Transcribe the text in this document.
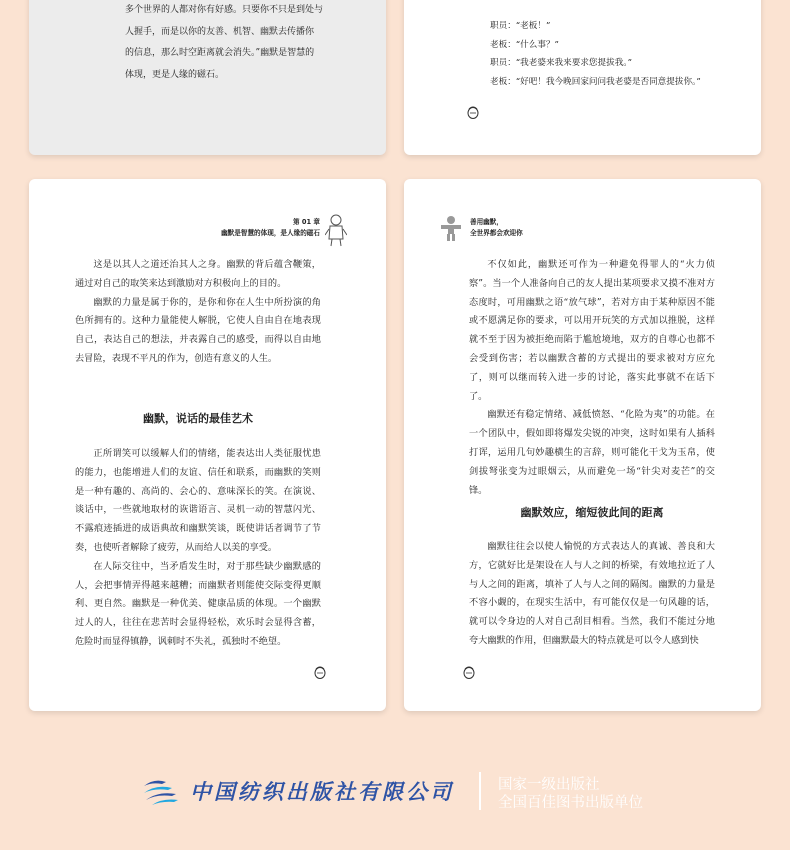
多个世界的人都对你有好感。只要你不只是到处与

人握手，而是以你的友善、机智、幽默去传播你

的信息，那么时空距离就会消失。”幽默是智慧的

体现，更是人缘的磁石。

职员：“老板！”

老板：“什么事？”

职员：“我老婆来我来要求您提拔我。”

老板：“好吧！我今晚回家问问我老婆是否同意提拔你。”

第 01 章
幽默是智慧的体现，是人缘的磁石

这是以其人之道还治其人之身。幽默的背后蕴含鞭策，通过对自己的取笑来达到激励对方积极向上的目的。

幽默的力量是属于你的，是你和你在人生中所扮演的角色所拥有的。这种力量能使人解脱，它使人自由自在地表现自己，表达自己的想法，并表露自己的感受，而得以自由地去冒险，表现不平凡的作为，创造有意义的人生。

幽默，说话的最佳艺术

正所谓笑可以缓解人们的情绪，能表达出人类征服忧患的能力，也能增进人们的友谊、信任和联系，而幽默的笑则是一种有趣的、高尚的、会心的、意味深长的笑。在演说、谈话中，一些就地取材的诙谐语言、灵机一动的智慧闪光、不露痕迹插进的成语典故和幽默笑谈，既使讲话者调节了节奏，也使听者解除了疲劳，从而给人以美的享受。

在人际交往中，当矛盾发生时，对于那些缺少幽默感的人，会把事情弄得越来越糟；而幽默者则能使交际变得更顺利、更自然。幽默是一种优美、健康品质的体现。一个幽默过人的人，往往在悲苦时会显得轻松，欢乐时会显得含蓄，危险时而显得镇静，讽刺时不失礼，孤独时不绝望。

善用幽默，
全世界都会欢迎你

不仅如此，幽默还可作为一种避免得罪人的“火力侦察”。当一个人准备向自己的友人提出某项要求又摸不准对方态度时，可用幽默之语“放气球”，若对方由于某种原因不能或不愿满足你的要求，可以用开玩笑的方式加以推脱，这样就不至于因为被拒绝而陷于尴尬境地，双方的自尊心也都不会受到伤害；若以幽默含蓄的方式提出的要求被对方应允了，则可以继而转入进一步的讨论，落实此事就不在话下了。

幽默还有稳定情绪、减低愤怒、“化险为夷”的功能。在一个团队中，假如即将爆发尖锐的冲突，这时如果有人插科打诨，运用几句妙趣横生的言辞，则可能化干戈为玉帛，使剑拔弩张变为过眼烟云，从而避免一场“针尖对麦芒”的交锋。

幽默效应，缩短彼此间的距离

幽默往往会以使人愉悦的方式表达人的真诚、善良和大方，它就好比是架设在人与人之间的桥梁，有效地拉近了人与人之间的距离，填补了人与人之间的隔阂。幽默的力量是不容小觑的，在现实生活中，有可能仅仅是一句风趣的话，就可以令身边的人对自己刮目相看。当然，我们不能过分地夸大幽默的作用，但幽默最大的特点就是可以令人感到快

中国纺织出版社有限公司	国家一级出版社
全国百佳图书出版单位
